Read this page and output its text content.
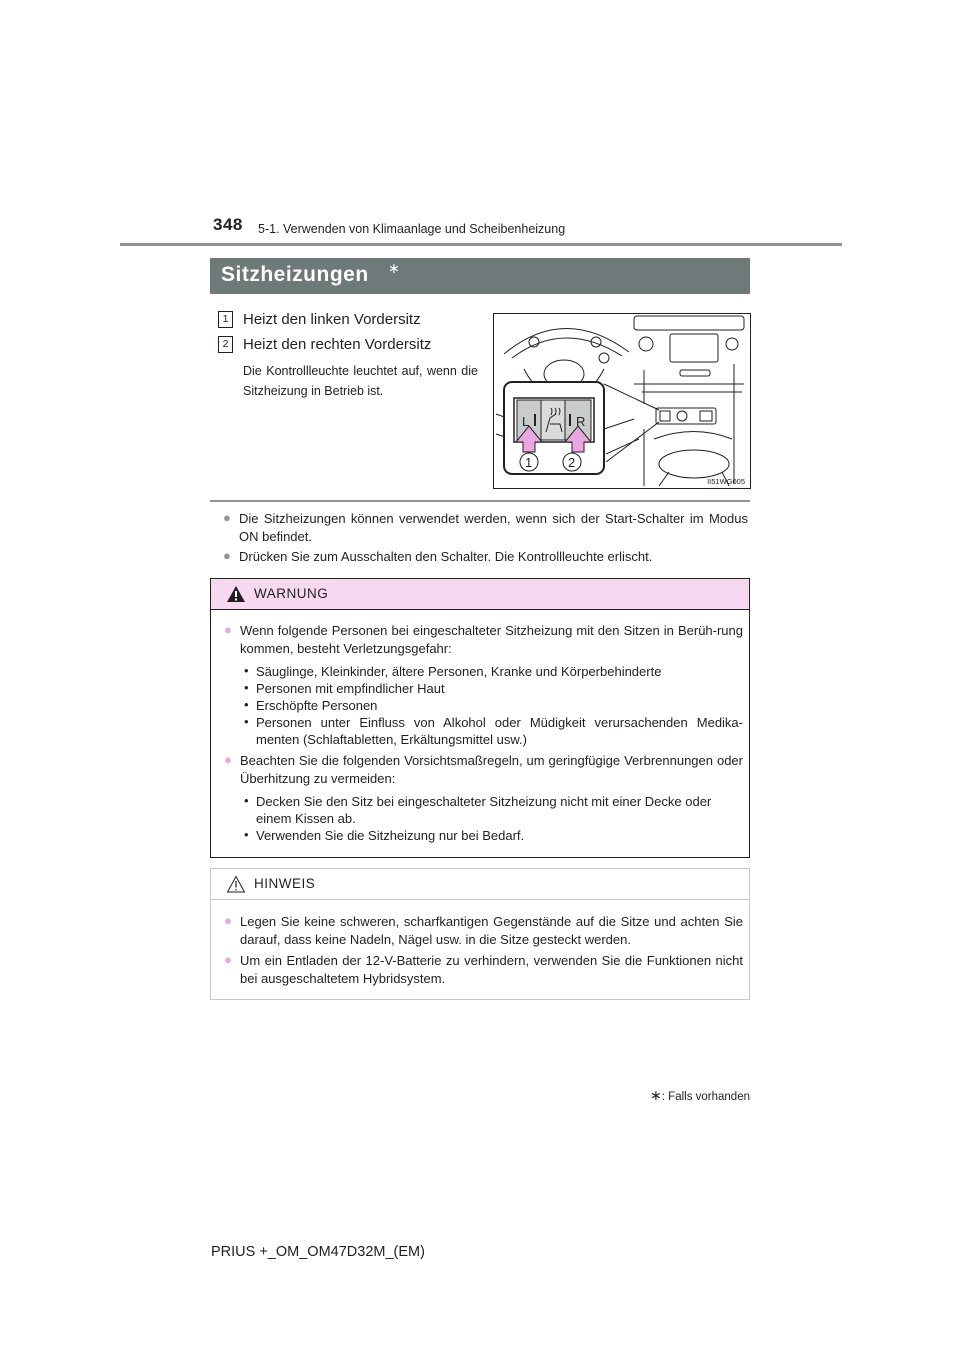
348 5-1. Verwenden von Klimaanlage und Scheibenheizung
Sitzheizungen ∗
1 Heizt den linken Vordersitz
2 Heizt den rechten Vordersitz
Die Kontrollleuchte leuchtet auf, wenn die Sitzheizung in Betrieb ist.
L	R
1	2
II51WG005
● Die Sitzheizungen können verwendet werden, wenn sich der Start-Schalter im Modus ON befindet.
● Drücken Sie zum Ausschalten den Schalter. Die Kontrollleuchte erlischt.
WARNUNG
● Wenn folgende Personen bei eingeschalteter Sitzheizung mit den Sitzen in Berüh-rung kommen, besteht Verletzungsgefahr:
• Säuglinge, Kleinkinder, ältere Personen, Kranke und Körperbehinderte
• Personen mit empfindlicher Haut
• Erschöpfte Personen
• Personen unter Einfluss von Alkohol oder Müdigkeit verursachenden Medika-menten (Schlaftabletten, Erkältungsmittel usw.)
● Beachten Sie die folgenden Vorsichtsmaßregeln, um geringfügige Verbrennungen oder Überhitzung zu vermeiden:
• Decken Sie den Sitz bei eingeschalteter Sitzheizung nicht mit einer Decke oder einem Kissen ab.
• Verwenden Sie die Sitzheizung nur bei Bedarf.
HINWEIS
● Legen Sie keine schweren, scharfkantigen Gegenstände auf die Sitze und achten Sie darauf, dass keine Nadeln, Nägel usw. in die Sitze gesteckt werden.
● Um ein Entladen der 12-V-Batterie zu verhindern, verwenden Sie die Funktionen nicht bei ausgeschaltetem Hybridsystem.
∗: Falls vorhanden
PRIUS +_OM_OM47D32M_(EM)
